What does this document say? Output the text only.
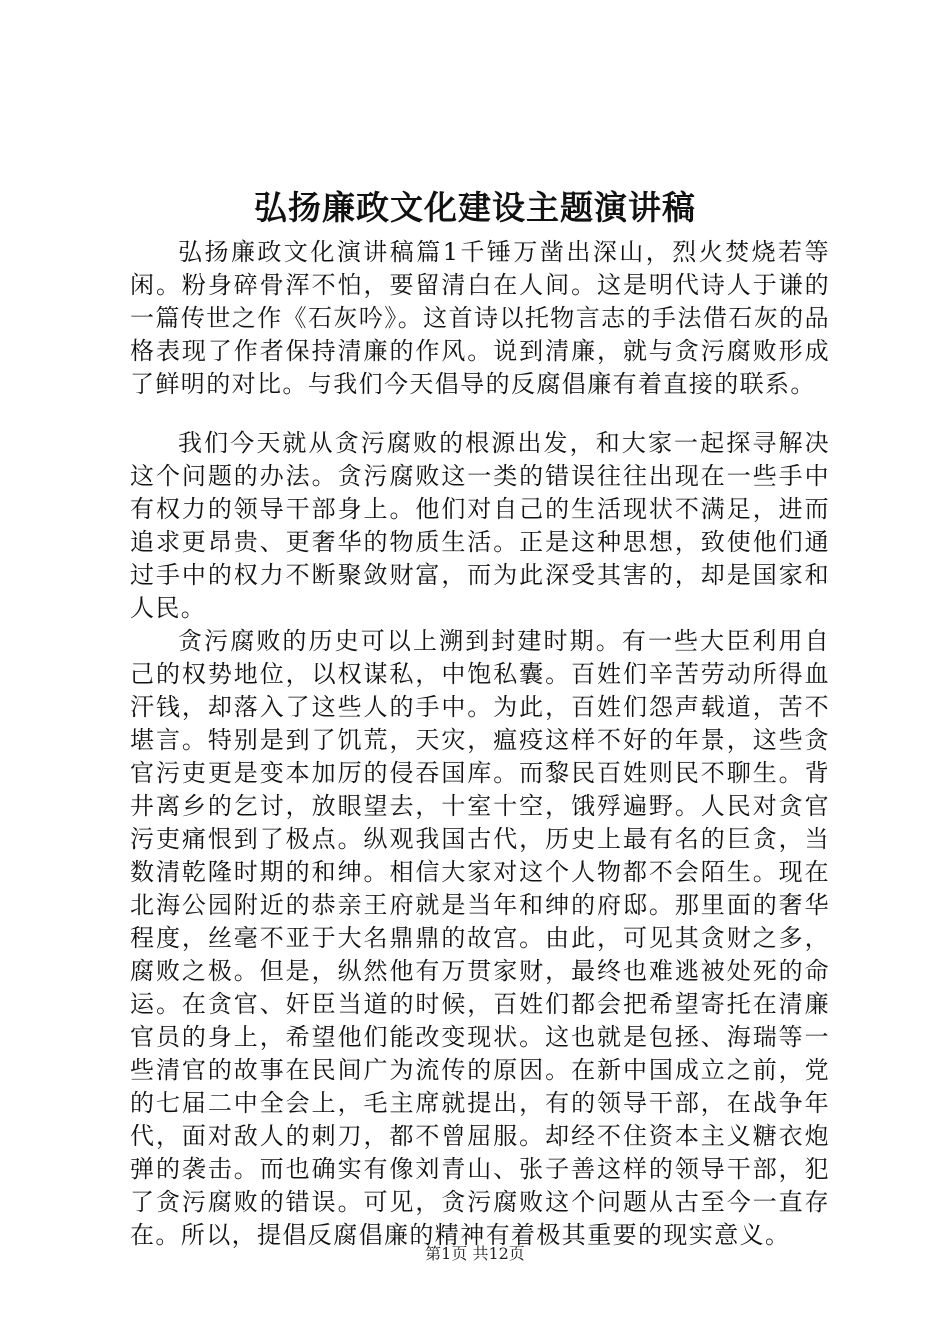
弘扬廉政文化建设主题演讲稿

弘扬廉政文化演讲稿篇1千锤万凿出深山，烈火焚烧若等闲。粉身碎骨浑不怕，要留清白在人间。这是明代诗人于谦的一篇传世之作《石灰吟》。这首诗以托物言志的手法借石灰的品格表现了作者保持清廉的作风。说到清廉，就与贪污腐败形成了鲜明的对比。与我们今天倡导的反腐倡廉有着直接的联系。

我们今天就从贪污腐败的根源出发，和大家一起探寻解决这个问题的办法。贪污腐败这一类的错误往往出现在一些手中有权力的领导干部身上。他们对自己的生活现状不满足，进而追求更昂贵、更奢华的物质生活。正是这种思想，致使他们通过手中的权力不断聚敛财富，而为此深受其害的，却是国家和人民。

贪污腐败的历史可以上溯到封建时期。有一些大臣利用自己的权势地位，以权谋私，中饱私囊。百姓们辛苦劳动所得血汗钱，却落入了这些人的手中。为此，百姓们怨声载道，苦不堪言。特别是到了饥荒，天灾，瘟疫这样不好的年景，这些贪官污吏更是变本加厉的侵吞国库。而黎民百姓则民不聊生。背井离乡的乞讨，放眼望去，十室十空，饿殍遍野。人民对贪官污吏痛恨到了极点。纵观我国古代，历史上最有名的巨贪，当数清乾隆时期的和绅。相信大家对这个人物都不会陌生。现在北海公园附近的恭亲王府就是当年和绅的府邸。那里面的奢华程度，丝毫不亚于大名鼎鼎的故宫。由此，可见其贪财之多，腐败之极。但是，纵然他有万贯家财，最终也难逃被处死的命运。在贪官、奸臣当道的时候，百姓们都会把希望寄托在清廉官员的身上，希望他们能改变现状。这也就是包拯、海瑞等一些清官的故事在民间广为流传的原因。在新中国成立之前，党的七届二中全会上，毛主席就提出，有的领导干部，在战争年代，面对敌人的刺刀，都不曾屈服。却经不住资本主义糖衣炮弹的袭击。而也确实有像刘青山、张子善这样的领导干部，犯了贪污腐败的错误。可见，贪污腐败这个问题从古至今一直存在。所以，提倡反腐倡廉的精神有着极其重要的现实意义。

第1页 共12页
